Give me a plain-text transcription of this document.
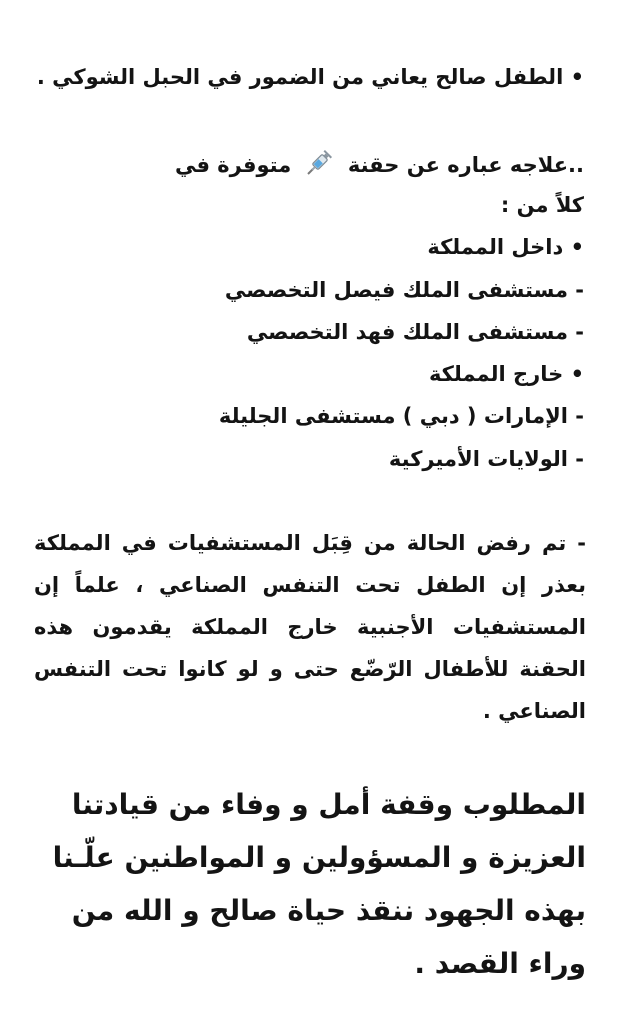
• الطفل صالح يعاني من الضمور في الحبل الشوكي .
..علاجه عباره عن حقنة  متوفرة في
كلاً من :
• داخل المملكة
- مستشفى الملك فيصل التخصصي
- مستشفى الملك فهد التخصصي
• خارج المملكة
- الإمارات ( دبي ) مستشفى الجليلة
- الولايات الأميركية
- تم رفض الحالة من قِبَل المستشفيات في المملكة بعذر إن الطفل تحت التنفس الصناعي ، علماً إن المستشفيات الأجنبية خارج المملكة يقدمون هذه الحقنة للأطفال الرّضّع حتى و لو كانوا تحت التنفس الصناعي .
المطلوب وقفة أمل و وفاء من قيادتنا العزيزة و المسؤولين و المواطنين علّـنا بهذه الجهود ننقذ حياة صالح و الله من وراء القصد .
